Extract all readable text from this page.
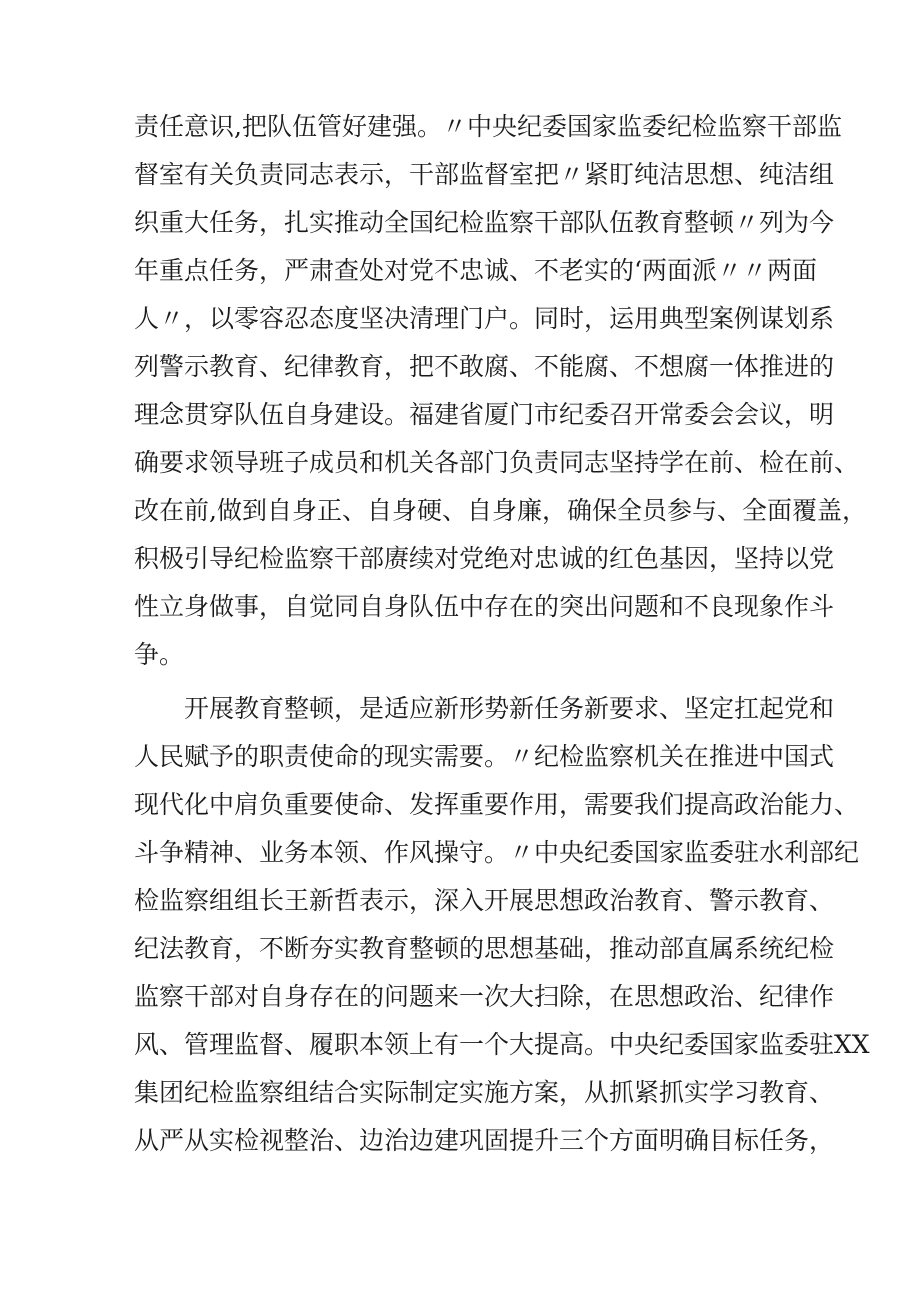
责任意识,把队伍管好建强。〃中央纪委国家监委纪检监察干部监
督室有关负责同志表示，干部监督室把〃紧盯纯洁思想、纯洁组
织重大任务，扎实推动全国纪检监察干部队伍教育整顿〃列为今
年重点任务，严肃查处对党不忠诚、不老实的‘两面派〃〃两面
人〃，以零容忍态度坚决清理门户。同时，运用典型案例谋划系
列警示教育、纪律教育，把不敢腐、不能腐、不想腐一体推进的
理念贯穿队伍自身建设。福建省厦门市纪委召开常委会会议，明
确要求领导班子成员和机关各部门负责同志坚持学在前、检在前、
改在前,做到自身正、自身硬、自身廉，确保全员参与、全面覆盖，
积极引导纪检监察干部赓续对党绝对忠诚的红色基因，坚持以党
性立身做事，自觉同自身队伍中存在的突出问题和不良现象作斗
争。
开展教育整顿，是适应新形势新任务新要求、坚定扛起党和
人民赋予的职责使命的现实需要。〃纪检监察机关在推进中国式
现代化中肩负重要使命、发挥重要作用，需要我们提高政治能力、
斗争精神、业务本领、作风操守。〃中央纪委国家监委驻水利部纪
检监察组组长王新哲表示，深入开展思想政治教育、警示教育、
纪法教育，不断夯实教育整顿的思想基础，推动部直属系统纪检
监察干部对自身存在的问题来一次大扫除，在思想政治、纪律作
风、管理监督、履职本领上有一个大提高。中央纪委国家监委驻XX
集团纪检监察组结合实际制定实施方案，从抓紧抓实学习教育、
从严从实检视整治、边治边建巩固提升三个方面明确目标任务，
